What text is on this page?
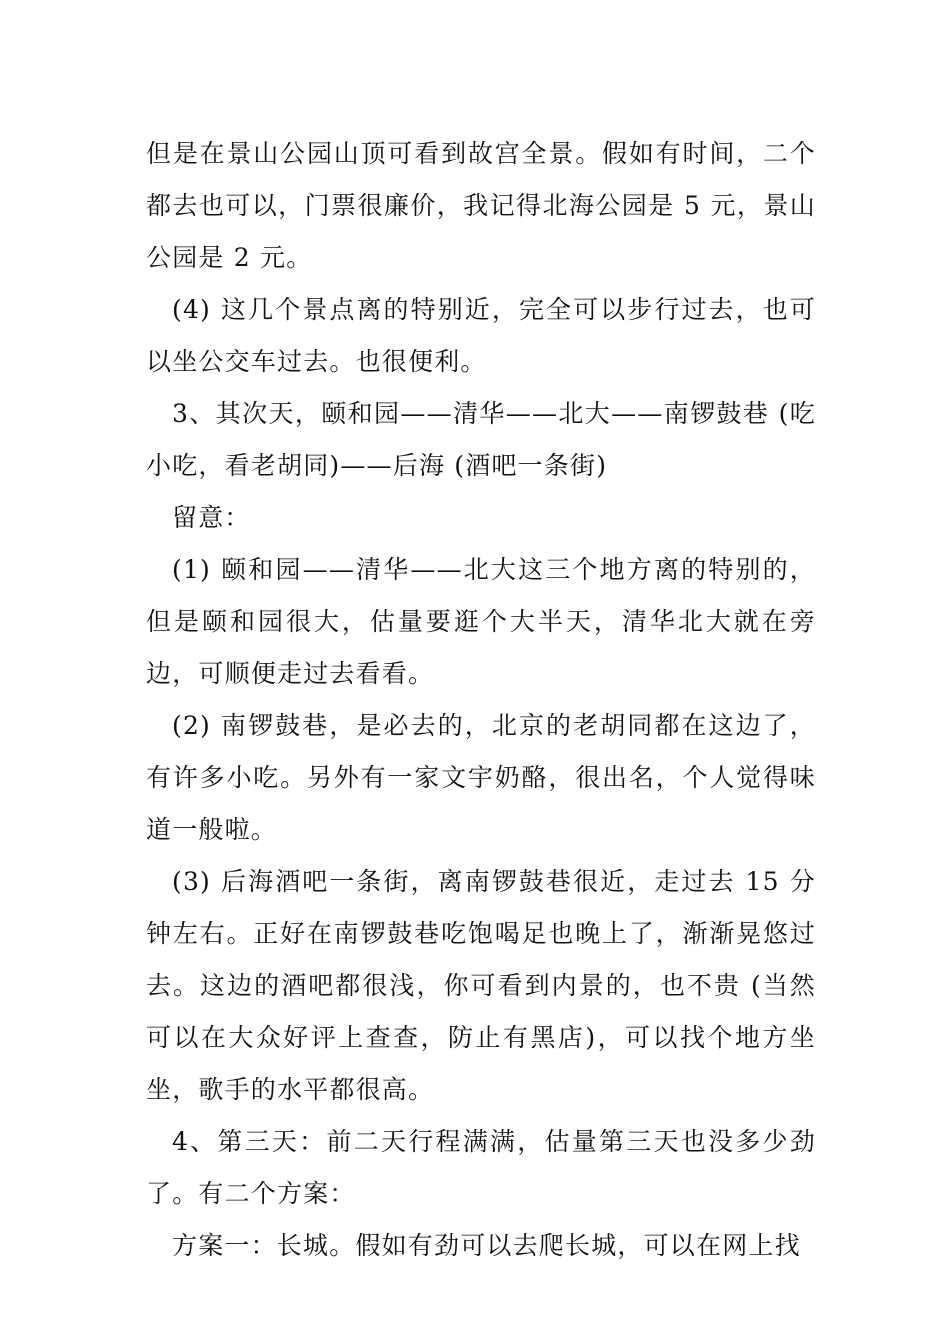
但是在景山公园山顶可看到故宫全景。假如有时间，二个都去也可以，门票很廉价，我记得北海公园是 5 元，景山公园是 2 元。

(4) 这几个景点离的特别近，完全可以步行过去，也可以坐公交车过去。也很便利。

3、其次天，颐和园——清华——北大——南锣鼓巷 (吃小吃，看老胡同)——后海 (酒吧一条街)

留意：

(1) 颐和园——清华——北大这三个地方离的特别的，但是颐和园很大，估量要逛个大半天，清华北大就在旁边，可顺便走过去看看。

(2) 南锣鼓巷，是必去的，北京的老胡同都在这边了，有许多小吃。另外有一家文宇奶酪，很出名，个人觉得味道一般啦。

(3) 后海酒吧一条街，离南锣鼓巷很近，走过去 15 分钟左右。正好在南锣鼓巷吃饱喝足也晚上了，渐渐晃悠过去。这边的酒吧都很浅，你可看到内景的，也不贵 (当然可以在大众好评上查查，防止有黑店)，可以找个地方坐坐，歌手的水平都很高。

4、第三天：前二天行程满满，估量第三天也没多少劲了。有二个方案：

方案一：长城。假如有劲可以去爬长城，可以在网上找
